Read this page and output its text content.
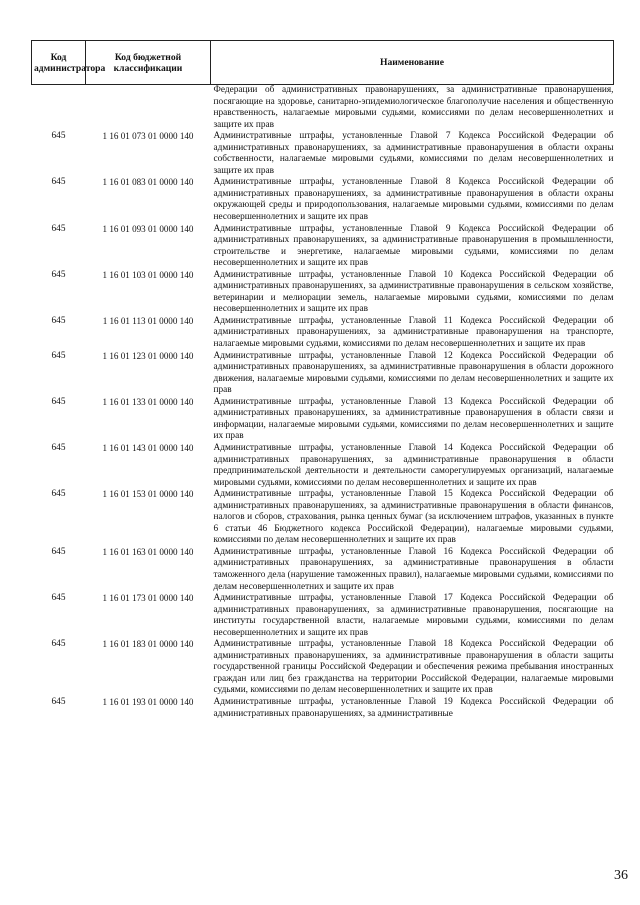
Код администратора	Код бюджетной классификации	Наименование
		Федерации об административных правонарушениях, за административные правонарушения, посягающие на здоровье, санитарно-эпидемиологическое благополучие населения и общественную нравственность, налагаемые мировыми судьями, комиссиями по делам несовершеннолетних и защите их прав
645	1 16 01 073 01 0000 140	Административные штрафы, установленные Главой 7 Кодекса Российской Федерации об административных правонарушениях, за административные правонарушения в области охраны собственности, налагаемые мировыми судьями, комиссиями по делам несовершеннолетних и защите их прав
645	1 16 01 083 01 0000 140	Административные штрафы, установленные Главой 8 Кодекса Российской Федерации об административных правонарушениях, за административные правонарушения в области охраны окружающей среды и природопользования, налагаемые мировыми судьями, комиссиями по делам несовершеннолетних и защите их прав
645	1 16 01 093 01 0000 140	Административные штрафы, установленные Главой 9 Кодекса Российской Федерации об административных правонарушениях, за административные правонарушения в промышленности, строительстве и энергетике, налагаемые мировыми судьями, комиссиями по делам несовершеннолетних и защите их прав
645	1 16 01 103 01 0000 140	Административные штрафы, установленные Главой 10 Кодекса Российской Федерации об административных правонарушениях, за административные правонарушения в сельском хозяйстве, ветеринарии и мелиорации земель, налагаемые мировыми судьями, комиссиями по делам несовершеннолетних и защите их прав
645	1 16 01 113 01 0000 140	Административные штрафы, установленные Главой 11 Кодекса Российской Федерации об административных правонарушениях, за административные правонарушения на транспорте, налагаемые мировыми судьями, комиссиями по делам несовершеннолетних и защите их прав
645	1 16 01 123 01 0000 140	Административные штрафы, установленные Главой 12 Кодекса Российской Федерации об административных правонарушениях, за административные правонарушения в области дорожного движения, налагаемые мировыми судьями, комиссиями по делам несовершеннолетних и защите их прав
645	1 16 01 133 01 0000 140	Административные штрафы, установленные Главой 13 Кодекса Российской Федерации об административных правонарушениях, за административные правонарушения в области связи и информации, налагаемые мировыми судьями, комиссиями по делам несовершеннолетних и защите их прав
645	1 16 01 143 01 0000 140	Административные штрафы, установленные Главой 14 Кодекса Российской Федерации об административных правонарушениях, за административные правонарушения в области предпринимательской деятельности и деятельности саморегулируемых организаций, налагаемые мировыми судьями, комиссиями по делам несовершеннолетних и защите их прав
645	1 16 01 153 01 0000 140	Административные штрафы, установленные Главой 15 Кодекса Российской Федерации об административных правонарушениях, за административные правонарушения в области финансов, налогов и сборов, страхования, рынка ценных бумаг (за исключением штрафов, указанных в пункте 6 статьи 46 Бюджетного кодекса Российской Федерации), налагаемые мировыми судьями, комиссиями по делам несовершеннолетних и защите их прав
645	1 16 01 163 01 0000 140	Административные штрафы, установленные Главой 16 Кодекса Российской Федерации об административных правонарушениях, за административные правонарушения в области таможенного дела (нарушение таможенных правил), налагаемые мировыми судьями, комиссиями по делам несовершеннолетних и защите их прав
645	1 16 01 173 01 0000 140	Административные штрафы, установленные Главой 17 Кодекса Российской Федерации об административных правонарушениях, за административные правонарушения, посягающие на институты государственной власти, налагаемые мировыми судьями, комиссиями по делам несовершеннолетних и защите их прав
645	1 16 01 183 01 0000 140	Административные штрафы, установленные Главой 18 Кодекса Российской Федерации об административных правонарушениях, за административные правонарушения в области защиты государственной границы Российской Федерации и обеспечения режима пребывания иностранных граждан или лиц без гражданства на территории Российской Федерации, налагаемые мировыми судьями, комиссиями по делам несовершеннолетних и защите их прав
645	1 16 01 193 01 0000 140	Административные штрафы, установленные Главой 19 Кодекса Российской Федерации об административных правонарушениях, за административные
36
